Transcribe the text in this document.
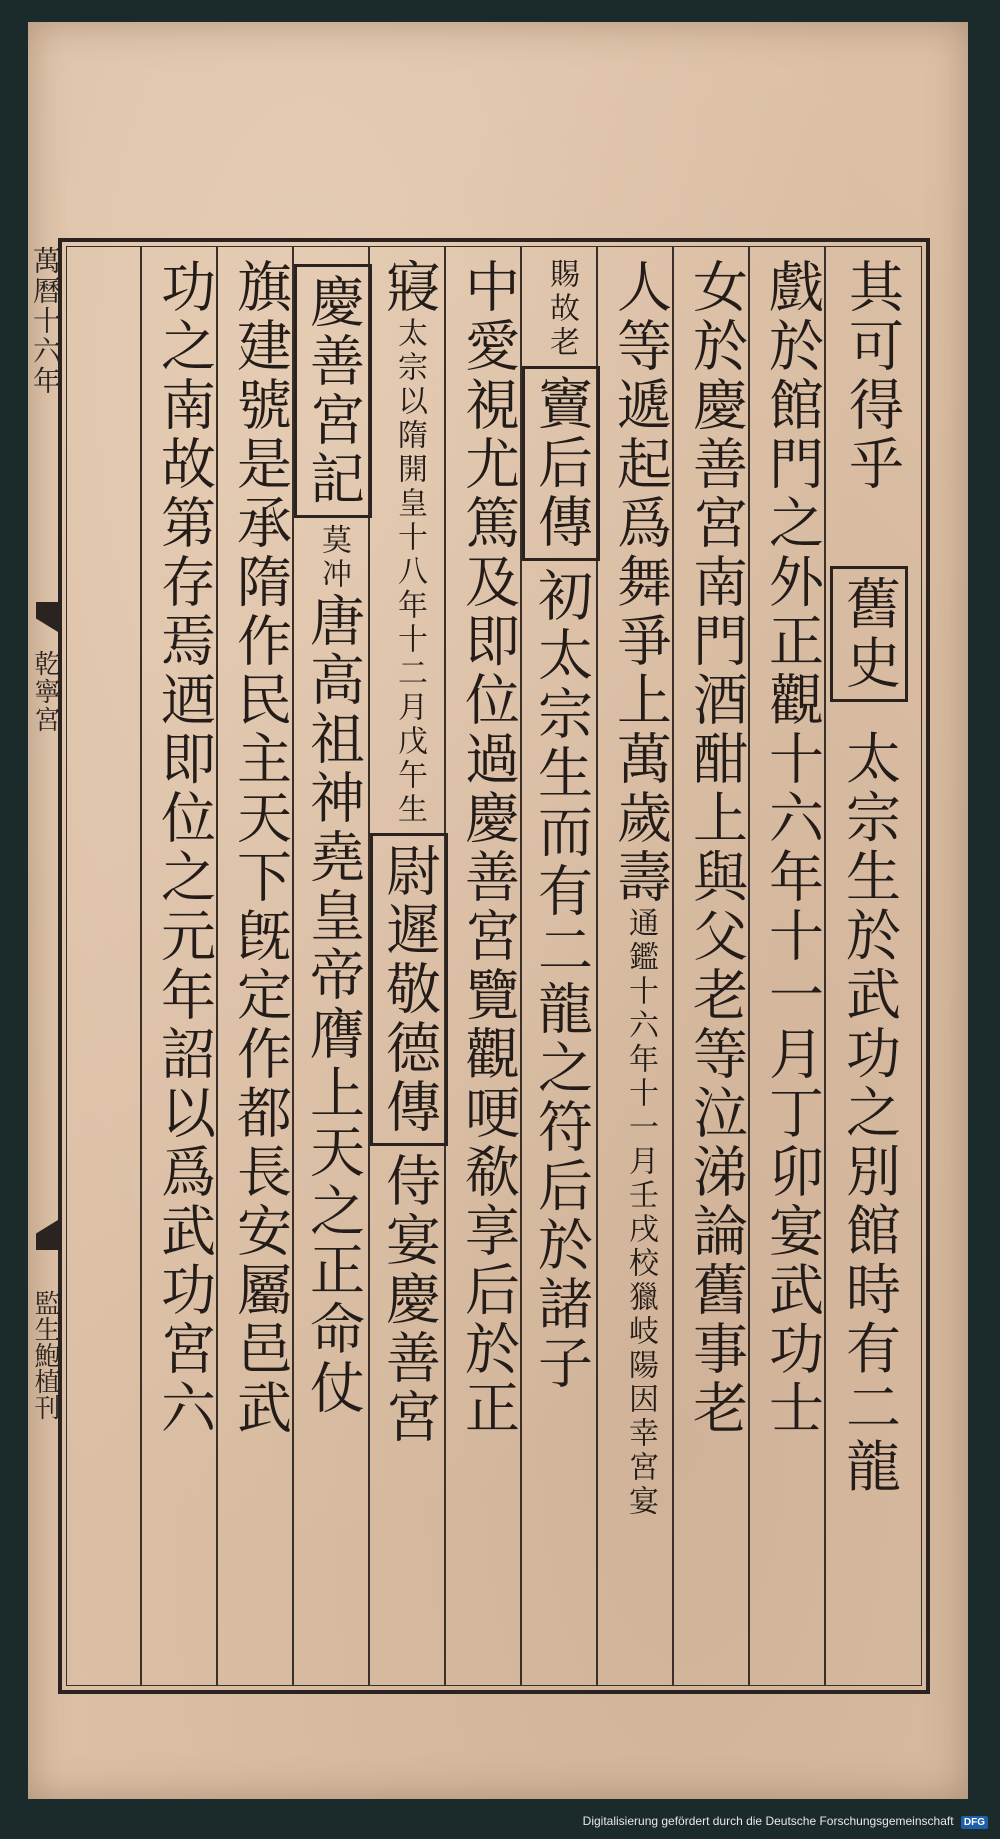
其可得乎
舊史 太宗生於武功之別館時有二龍
戲於館門之外正觀十六年十一月丁卯宴武功士
女於慶善宮南門酒酣上與父老等泣涕論舊事老
人等遞起爲舞爭上萬歲壽通鑑十六年十一月壬戌校獵岐陽因幸宮宴
賜故老竇后傳初太宗生而有二龍之符后於諸子
中愛視尤篤及即位過慶善宮覽觀哽欷享后於正
寢太宗以隋開皇十八年十二月戊午生尉遲敬德傳侍宴慶善宮
慶善宮記莫冲唐高祖神堯皇帝膺上天之正命仗
旗建號是承隋作民主天下旣定作都長安屬邑武
功之南故第存焉迺即位之元年詔以爲武功宮六
萬曆十六年
乾寧宮
監生鮑植刊
Digitalisierung gefördert durch die Deutsche Forschungsgemeinschaft DFG
